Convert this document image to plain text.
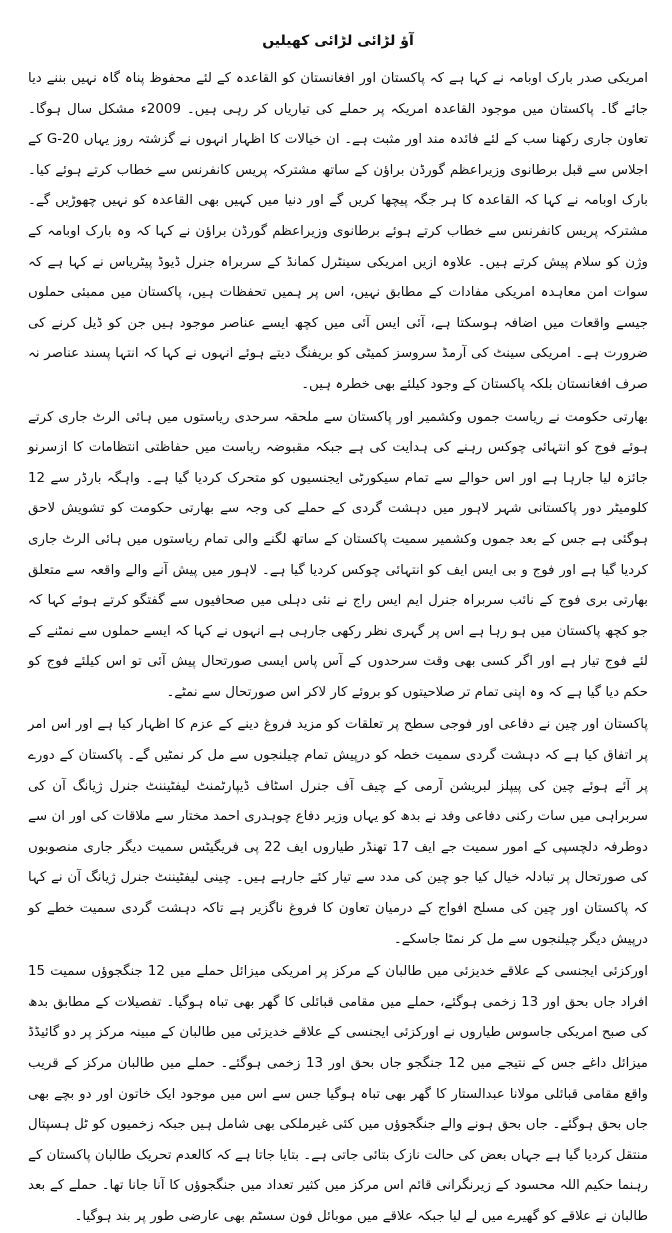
آؤ لڑائی لڑائی کھیلیں

امریکی صدر بارک اوبامہ نے کہا ہے کہ پاکستان اور افغانستان کو القاعدہ کے لئے محفوظ پناہ گاہ نہیں بننے دیا جائے گا۔ پاکستان میں موجود القاعدہ امریکہ پر حملے کی تیاریاں کر رہی ہیں۔ 2009ء مشکل سال ہوگا۔ تعاون جاری رکھنا سب کے لئے فائدہ مند اور مثبت ہے۔ ان خیالات کا اظہار انہوں نے گزشتہ روز یہاں G-20 کے اجلاس سے قبل برطانوی وزیراعظم گورڈن براؤن کے ساتھ مشترکہ پریس کانفرنس سے خطاب کرتے ہوئے کیا۔ بارک اوبامہ نے کہا کہ القاعدہ کا ہر جگہ پیچھا کریں گے اور دنیا میں کہیں بھی القاعدہ کو نہیں چھوڑیں گے۔ مشترکہ پریس کانفرنس سے خطاب کرتے ہوئے برطانوی وزیراعظم گورڈن براؤن نے کہا کہ وہ بارک اوبامہ کے وژن کو سلام پیش کرتے ہیں۔ علاوہ ازیں امریکی سینٹرل کمانڈ کے سربراہ جنرل ڈیوڈ پیٹریاس نے کہا ہے کہ سوات امن معاہدہ امریکی مفادات کے مطابق نہیں، اس پر ہمیں تحفظات ہیں، پاکستان میں ممبئی حملوں جیسے واقعات میں اضافہ ہوسکتا ہے، آئی ایس آئی میں کچھ ایسے عناصر موجود ہیں جن کو ڈیل کرنے کی ضرورت ہے۔ امریکی سینٹ کی آرمڈ سروسز کمیٹی کو بریفنگ دیتے ہوئے انہوں نے کہا کہ انتہا پسند عناصر نہ صرف افغانستان بلکہ پاکستان کے وجود کیلئے بھی خطرہ ہیں۔

بھارتی حکومت نے ریاست جموں وکشمیر اور پاکستان سے ملحقہ سرحدی ریاستوں میں ہائی الرٹ جاری کرتے ہوئے فوج کو انتہائی چوکس رہنے کی ہدایت کی ہے جبکہ مقبوضہ ریاست میں حفاظتی انتظامات کا ازسرنو جائزہ لیا جارہا ہے اور اس حوالے سے تمام سیکورٹی ایجنسیوں کو متحرک کردیا گیا ہے۔ واہگہ بارڈر سے 12 کلومیٹر دور پاکستانی شہر لاہور میں دہشت گردی کے حملے کی وجہ سے بھارتی حکومت کو تشویش لاحق ہوگئی ہے جس کے بعد جموں وکشمیر سمیت پاکستان کے ساتھ لگنے والی تمام ریاستوں میں ہائی الرٹ جاری کردیا گیا ہے اور فوج و بی ایس ایف کو انتہائی چوکس کردیا گیا ہے۔ لاہور میں پیش آنے والے واقعہ سے متعلق بھارتی بری فوج کے نائب سربراہ جنرل ایم ایس راج نے نئی دہلی میں صحافیوں سے گفتگو کرتے ہوئے کہا کہ جو کچھ پاکستان میں ہو رہا ہے اس پر گہری نظر رکھی جارہی ہے انہوں نے کہا کہ ایسے حملوں سے نمٹنے کے لئے فوج تیار ہے اور اگر کسی بھی وقت سرحدوں کے آس پاس ایسی صورتحال پیش آئی تو اس کیلئے فوج کو حکم دیا گیا ہے کہ وہ اپنی تمام تر صلاحیتوں کو بروئے کار لاکر اس صورتحال سے نمٹے۔

پاکستان اور چین نے دفاعی اور فوجی سطح پر تعلقات کو مزید فروغ دینے کے عزم کا اظہار کیا ہے اور اس امر پر اتفاق کیا ہے کہ دہشت گردی سمیت خطہ کو درپیش تمام چیلنجوں سے مل کر نمٹیں گے۔ پاکستان کے دورے پر آئے ہوئے چین کی پیپلز لبریشن آرمی کے چیف آف جنرل اسٹاف ڈیپارٹمنٹ لیفٹیننٹ جنرل ژیانگ آن کی سربراہی میں سات رکنی دفاعی وفد نے بدھ کو یہاں وزیر دفاع چوہدری احمد مختار سے ملاقات کی اور ان سے دوطرفہ دلچسپی کے امور سمیت جے ایف 17 تھنڈر طیاروں ایف 22 پی فریگیٹس سمیت دیگر جاری منصوبوں کی صورتحال پر تبادلہ خیال کیا جو چین کی مدد سے تیار کئے جارہے ہیں۔ چینی لیفٹیننٹ جنرل ژیانگ آن نے کہا کہ پاکستان اور چین کی مسلح افواج کے درمیان تعاون کا فروغ ناگزیر ہے تاکہ دہشت گردی سمیت خطے کو درپیش دیگر چیلنجوں سے مل کر نمٹا جاسکے۔

اورکزئی ایجنسی کے علاقے خدیزئی میں طالبان کے مرکز پر امریکی میزائل حملے میں 12 جنگجوؤں سمیت 15 افراد جاں بحق اور 13 زخمی ہوگئے، حملے میں مقامی قبائلی کا گھر بھی تباہ ہوگیا۔ تفصیلات کے مطابق بدھ کی صبح امریکی جاسوس طیاروں نے اورکزئی ایجنسی کے علاقے خدیزئی میں طالبان کے مبینہ مرکز پر دو گائیڈڈ میزائل داغے جس کے نتیجے میں 12 جنگجو جاں بحق اور 13 زخمی ہوگئے۔ حملے میں طالبان مرکز کے قریب واقع مقامی قبائلی مولانا عبدالستار کا گھر بھی تباہ ہوگیا جس سے اس میں موجود ایک خاتون اور دو بچے بھی جاں بحق ہوگئے۔ جاں بحق ہونے والے جنگجوؤں میں کئی غیرملکی بھی شامل ہیں جبکہ زخمیوں کو ٹل ہسپتال منتقل کردیا گیا ہے جہاں بعض کی حالت نازک بتائی جاتی ہے۔ بتایا جاتا ہے کہ کالعدم تحریک طالبان پاکستان کے رہنما حکیم اللہ محسود کے زیرنگرانی قائم اس مرکز میں کثیر تعداد میں جنگجوؤں کا آنا جانا تھا۔ حملے کے بعد طالبان نے علاقے کو گھیرے میں لے لیا جبکہ علاقے میں موبائل فون سسٹم بھی عارضی طور پر بند ہوگیا۔
